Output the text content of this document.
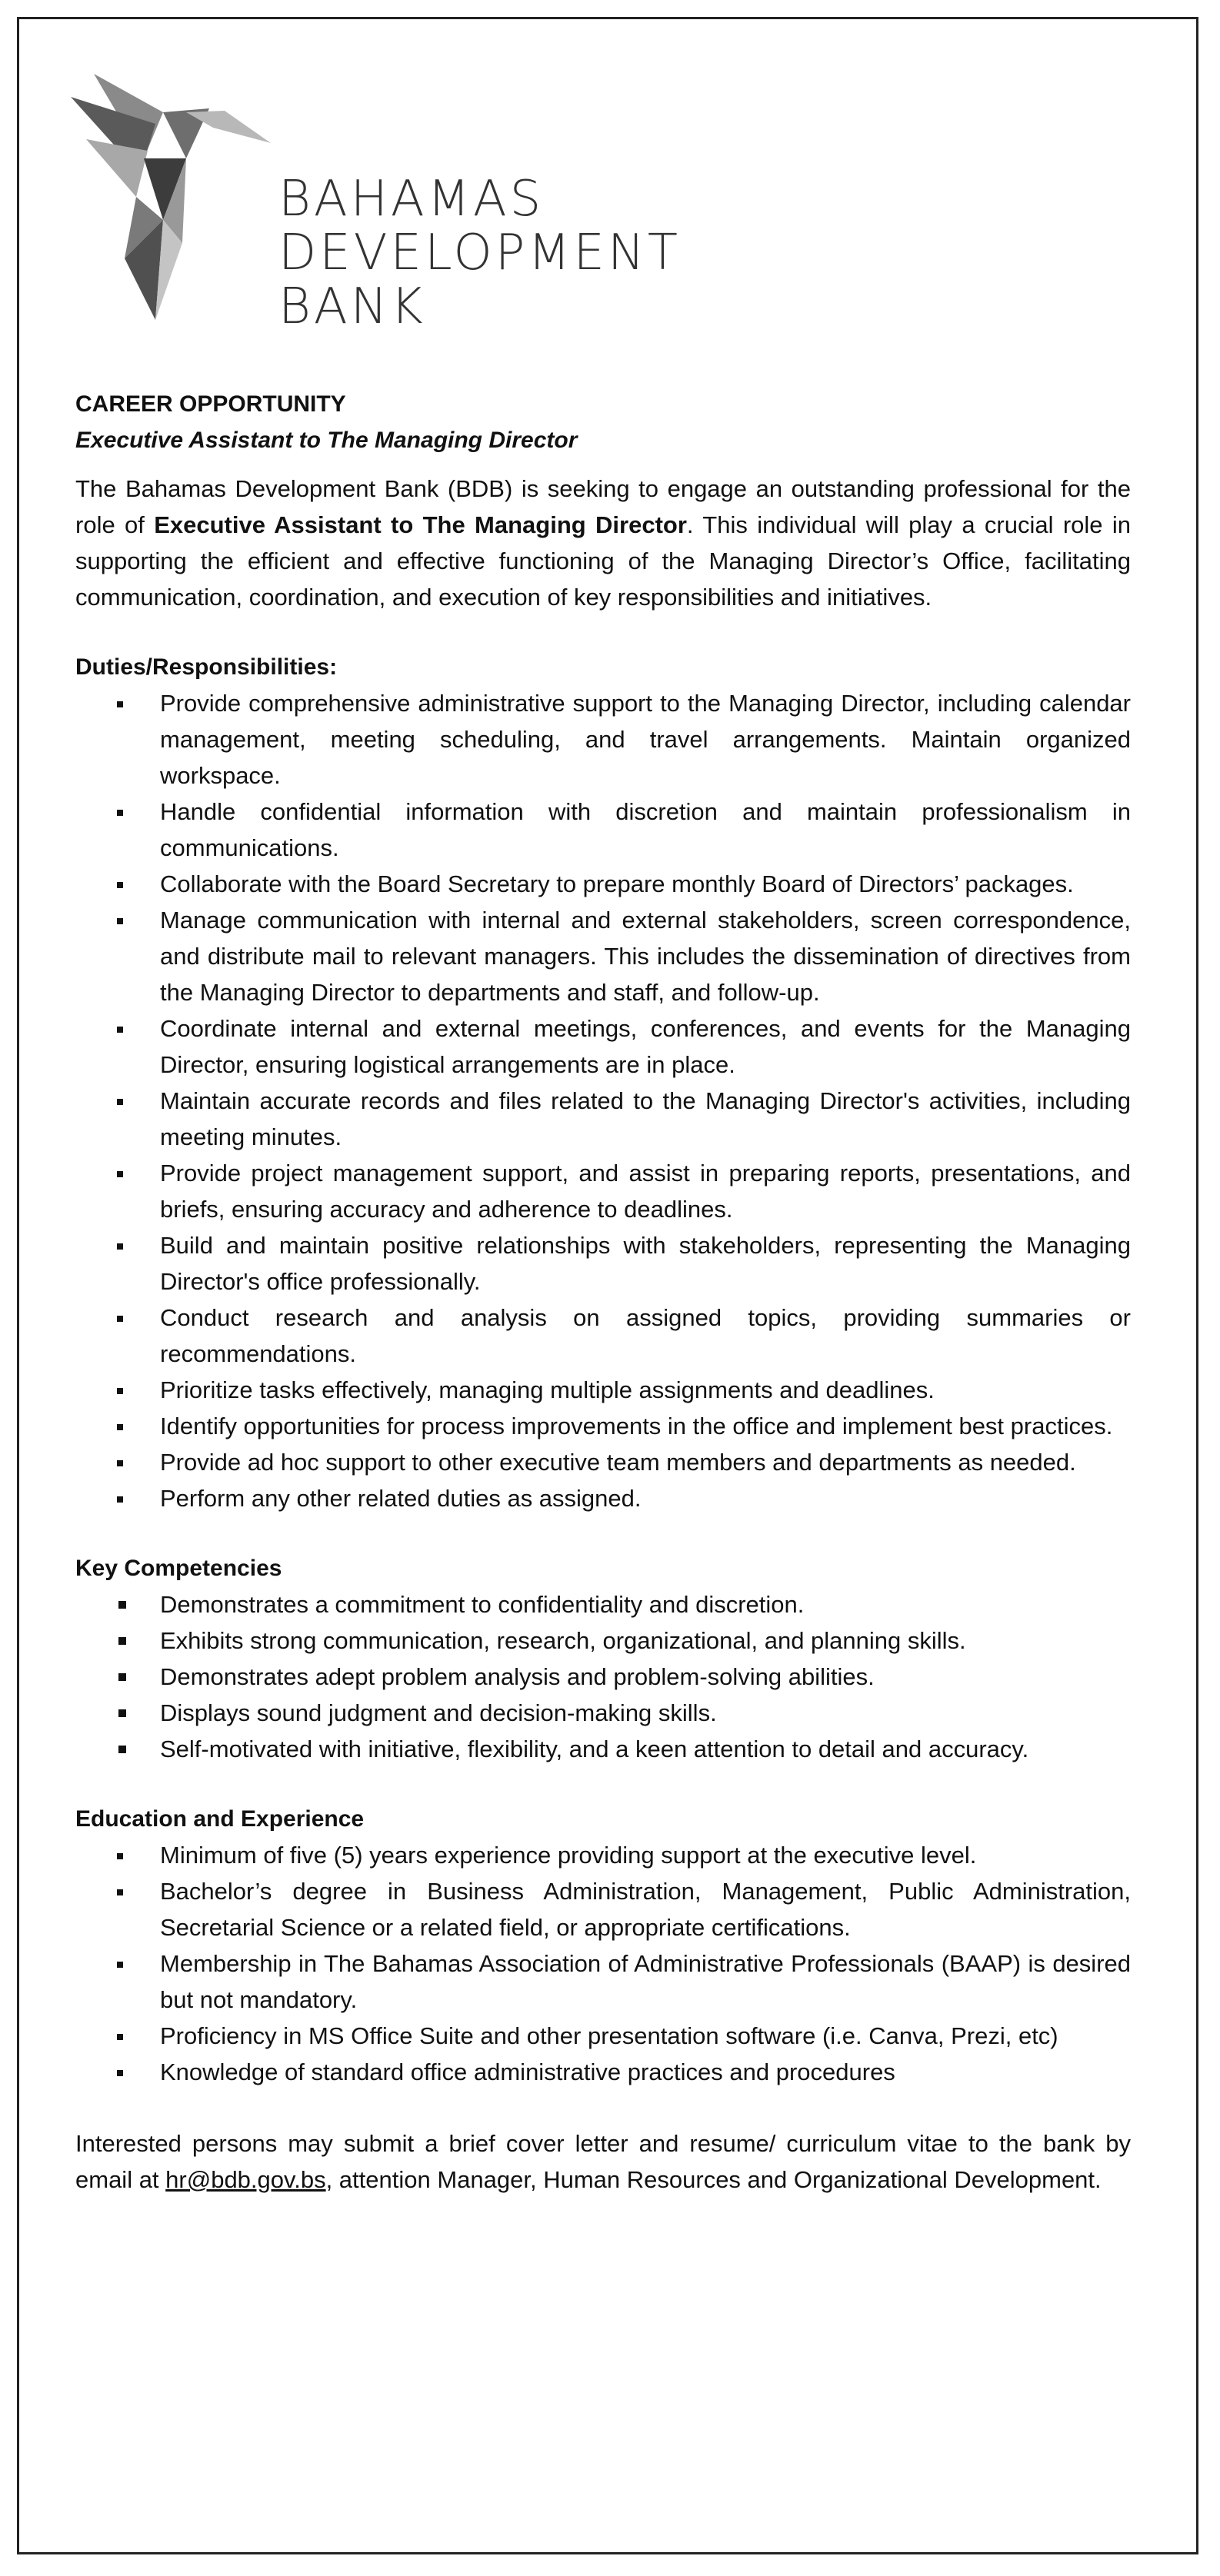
BAHAMAS
DEVELOPMENT
BANK
CAREER OPPORTUNITY
Executive Assistant to The Managing Director

The Bahamas Development Bank (BDB) is seeking to engage an outstanding professional for the role of Executive Assistant to The Managing Director. This individual will play a crucial role in supporting the efficient and effective functioning of the Managing Director’s Office, facilitating communication, coordination, and execution of key responsibilities and initiatives.

Duties/Responsibilities:
Provide comprehensive administrative support to the Managing Director, including calendar management, meeting scheduling, and travel arrangements. Maintain organized workspace.
Handle confidential information with discretion and maintain professionalism in communications.
Collaborate with the Board Secretary to prepare monthly Board of Directors’ packages.
Manage communication with internal and external stakeholders, screen correspondence, and distribute mail to relevant managers. This includes the dissemination of directives from the Managing Director to departments and staff, and follow-up.
Coordinate internal and external meetings, conferences, and events for the Managing Director, ensuring logistical arrangements are in place.
Maintain accurate records and files related to the Managing Director's activities, including meeting minutes.
Provide project management support, and assist in preparing reports, presentations, and briefs, ensuring accuracy and adherence to deadlines.
Build and maintain positive relationships with stakeholders, representing the Managing Director's office professionally.
Conduct research and analysis on assigned topics, providing summaries or recommendations.
Prioritize tasks effectively, managing multiple assignments and deadlines.
Identify opportunities for process improvements in the office and implement best practices.
Provide ad hoc support to other executive team members and departments as needed.
Perform any other related duties as assigned.
Key Competencies
Demonstrates a commitment to confidentiality and discretion.
Exhibits strong communication, research, organizational, and planning skills.
Demonstrates adept problem analysis and problem-solving abilities.
Displays sound judgment and decision-making skills.
Self-motivated with initiative, flexibility, and a keen attention to detail and accuracy.
Education and Experience
Minimum of five (5) years experience providing support at the executive level.
Bachelor’s degree in Business Administration, Management, Public Administration, Secretarial Science or a related field, or appropriate certifications.
Membership in The Bahamas Association of Administrative Professionals (BAAP) is desired but not mandatory.
Proficiency in MS Office Suite and other presentation software (i.e. Canva, Prezi, etc)
Knowledge of standard office administrative practices and procedures

Interested persons may submit a brief cover letter and resume/ curriculum vitae to the bank by email at hr@bdb.gov.bs, attention Manager, Human Resources and Organizational Development.
